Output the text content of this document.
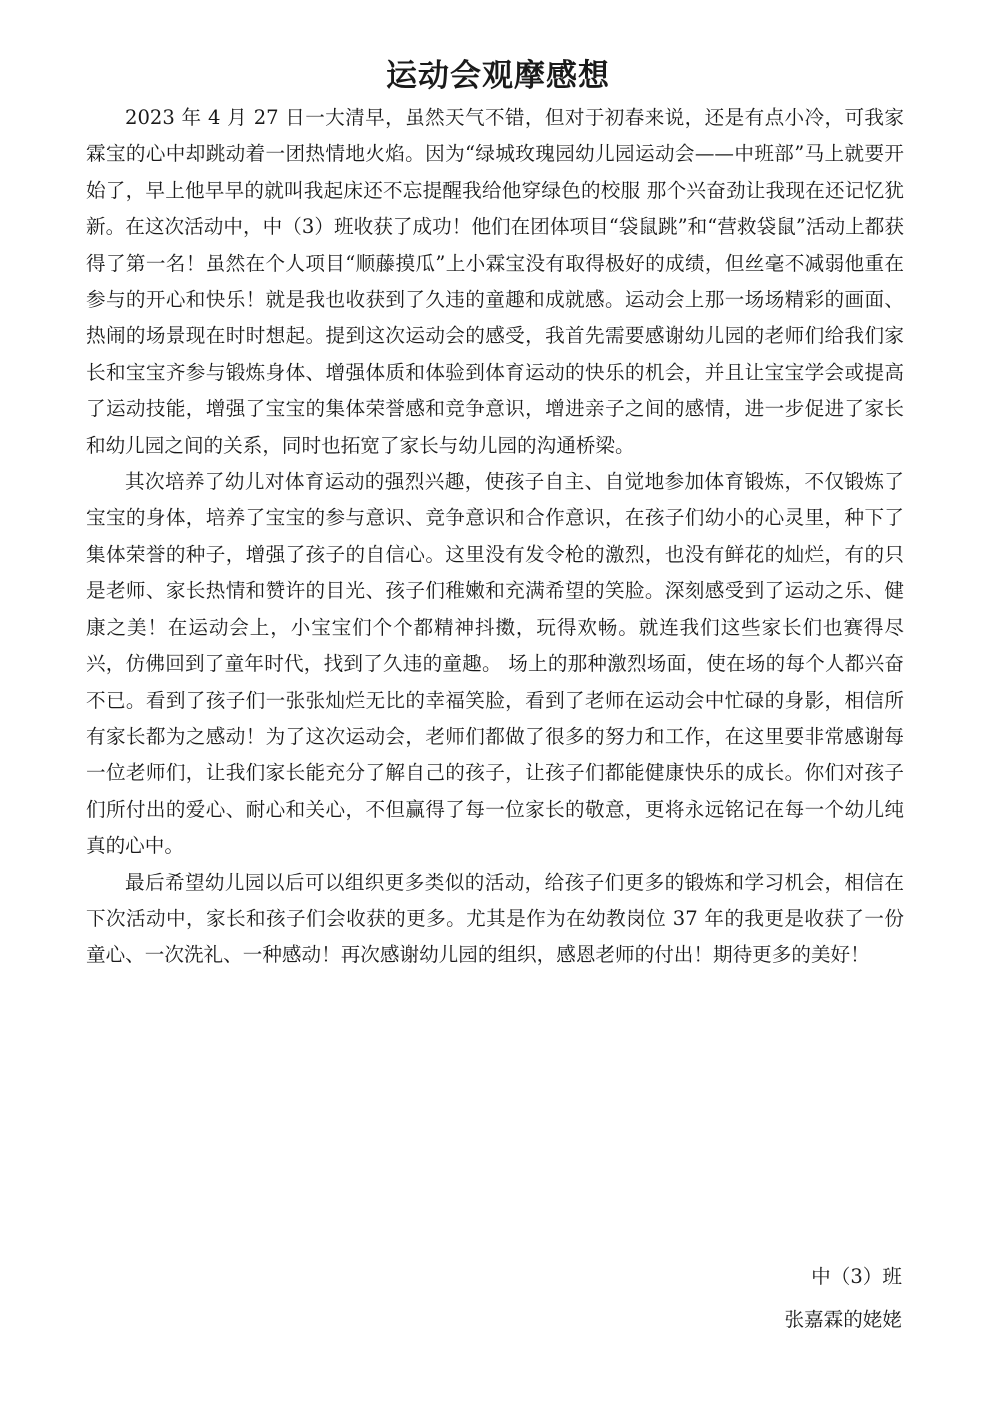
运动会观摩感想

2023 年 4 月 27 日一大清早，虽然天气不错，但对于初春来说，还是有点小冷，可我家霖宝的心中却跳动着一团热情地火焰。因为“绿城玫瑰园幼儿园运动会——中班部”马上就要开始了，早上他早早的就叫我起床还不忘提醒我给他穿绿色的校服 那个兴奋劲让我现在还记忆犹新。在这次活动中，中（3）班收获了成功！他们在团体项目“袋鼠跳”和“营救袋鼠”活动上都获得了第一名！虽然在个人项目“顺藤摸瓜”上小霖宝没有取得极好的成绩，但丝毫不减弱他重在参与的开心和快乐！就是我也收获到了久违的童趣和成就感。运动会上那一场场精彩的画面、热闹的场景现在时时想起。提到这次运动会的感受，我首先需要感谢幼儿园的老师们给我们家长和宝宝齐参与锻炼身体、增强体质和体验到体育运动的快乐的机会，并且让宝宝学会或提高了运动技能，增强了宝宝的集体荣誉感和竞争意识，增进亲子之间的感情，进一步促进了家长和幼儿园之间的关系，同时也拓宽了家长与幼儿园的沟通桥梁。

其次培养了幼儿对体育运动的强烈兴趣，使孩子自主、自觉地参加体育锻炼，不仅锻炼了宝宝的身体，培养了宝宝的参与意识、竞争意识和合作意识，在孩子们幼小的心灵里，种下了集体荣誉的种子，增强了孩子的自信心。这里没有发令枪的激烈，也没有鲜花的灿烂，有的只是老师、家长热情和赞许的目光、孩子们稚嫩和充满希望的笑脸。深刻感受到了运动之乐、健康之美！在运动会上，小宝宝们个个都精神抖擞，玩得欢畅。就连我们这些家长们也赛得尽兴，仿佛回到了童年时代，找到了久违的童趣。 场上的那种激烈场面，使在场的每个人都兴奋不已。看到了孩子们一张张灿烂无比的幸福笑脸，看到了老师在运动会中忙碌的身影，相信所有家长都为之感动！为了这次运动会，老师们都做了很多的努力和工作，在这里要非常感谢每一位老师们，让我们家长能充分了解自己的孩子，让孩子们都能健康快乐的成长。你们对孩子们所付出的爱心、耐心和关心，不但赢得了每一位家长的敬意，更将永远铭记在每一个幼儿纯真的心中。

最后希望幼儿园以后可以组织更多类似的活动，给孩子们更多的锻炼和学习机会，相信在下次活动中，家长和孩子们会收获的更多。尤其是作为在幼教岗位 37 年的我更是收获了一份童心、一次洗礼、一种感动！再次感谢幼儿园的组织，感恩老师的付出！期待更多的美好！

中（3）班

张嘉霖的姥姥
